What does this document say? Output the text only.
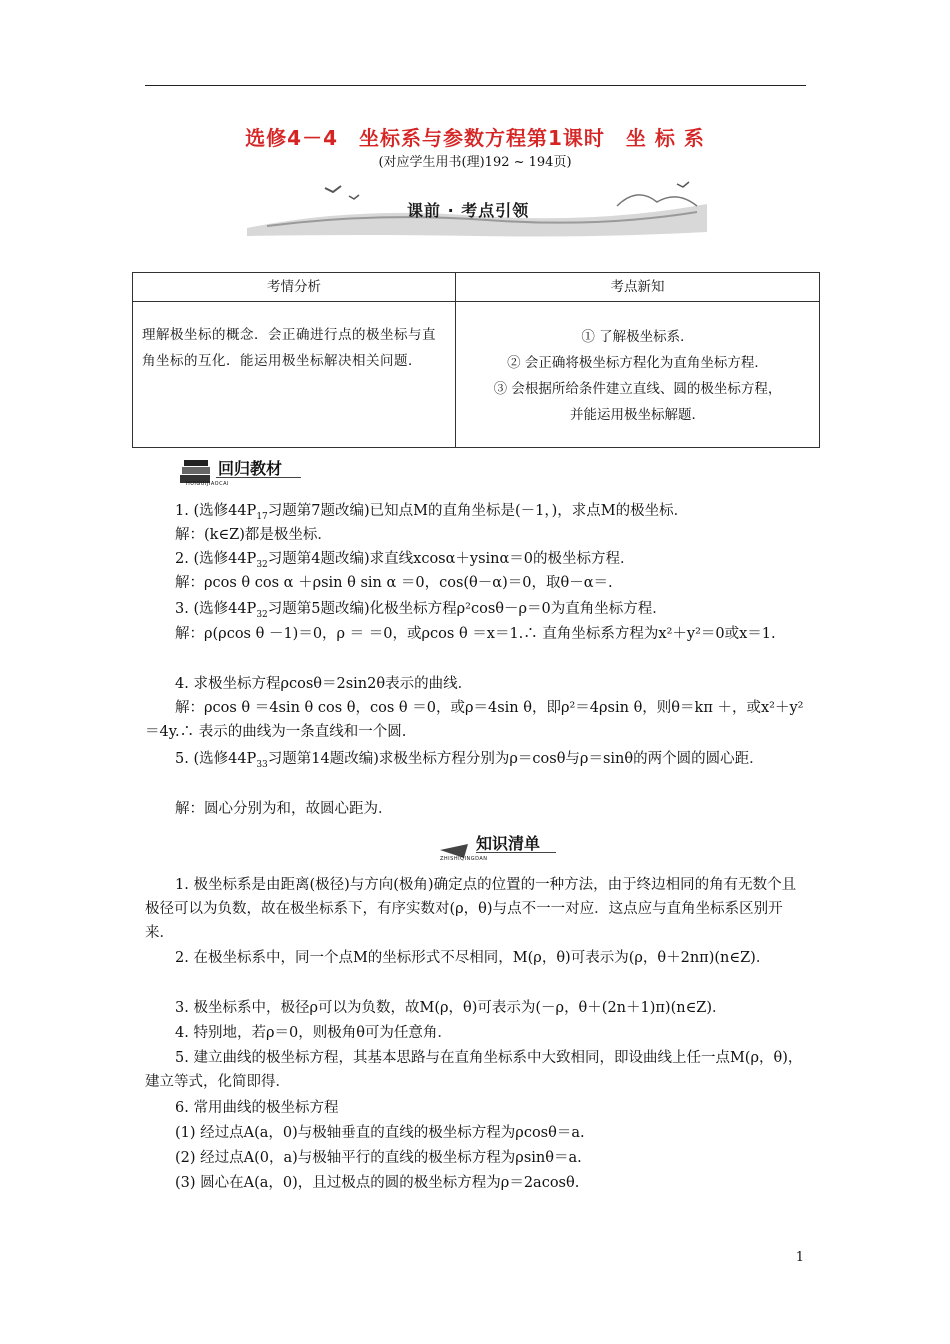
选修4－4　坐标系与参数方程第1课时　坐 标 系
(对应学生用书(理)192 ~ 194页)
课前 · 考点引领
考情分析	考点新知
理解极坐标的概念．会正确进行点的极坐标与直角坐标的互化．能运用极坐标解决相关问题．	① 了解极坐标系．
② 会正确将极坐标方程化为直角坐标方程．
③ 会根据所给条件建立直线、圆的极坐标方程，
并能运用极坐标解题．
回归教材
HUIGUIJIAOCAI
1. (选修$44P_{17}$习题第7题改编)已知点M的直角坐标是(－1，)，求点M的极坐标．
解：(k∈Z)都是极坐标．
2. (选修$44P_{32}$习题第4题改编)求直线xcosα＋ysinα＝0的极坐标方程．
解：ρcos θ cos α ＋ρsin θ sin α ＝0，cos(θ－α)＝0，取θ－α＝.
3. (选修$44P_{32}$习题第5题改编)化极坐标方程ρ²cosθ－ρ＝0为直角坐标方程．
解：ρ(ρcos θ －1)＝0，ρ ＝ ＝0，或ρcos θ ＝x＝1.∴ 直角坐标系方程为x²＋y²＝0或x＝1.
4. 求极坐标方程ρcosθ＝2sin2θ表示的曲线．
解：ρcos θ ＝4sin θ cos θ，cos θ ＝0，或ρ＝4sin θ，即ρ²＝4ρsin θ，则θ＝kπ ＋，或x²＋y²＝4y.∴ 表示的曲线为一条直线和一个圆.
5. (选修$44P_{33}$习题第14题改编)求极坐标方程分别为ρ＝cosθ与ρ＝sinθ的两个圆的圆心距．
解：圆心分别为和，故圆心距为．
知识清单
ZHISHIQINGDAN
1. 极坐标系是由距离(极径)与方向(极角)确定点的位置的一种方法，由于终边相同的角有无数个且极径可以为负数，故在极坐标系下，有序实数对(ρ，θ)与点不一一对应．这点应与直角坐标系区别开来．
2. 在极坐标系中，同一个点M的坐标形式不尽相同，M(ρ，θ)可表示为(ρ，θ＋2nπ)(n∈Z)．
3. 极坐标系中，极径ρ可以为负数，故M(ρ，θ)可表示为(－ρ，θ＋(2n＋1)π)(n∈Z)．
4. 特别地，若ρ＝0，则极角θ可为任意角．
5. 建立曲线的极坐标方程，其基本思路与在直角坐标系中大致相同，即设曲线上任一点M(ρ，θ)，建立等式，化简即得．
6. 常用曲线的极坐标方程
(1) 经过点A(a，0)与极轴垂直的直线的极坐标方程为ρcosθ＝a.
(2) 经过点A(0，a)与极轴平行的直线的极坐标方程为ρsinθ＝a.
(3) 圆心在A(a，0)，且过极点的圆的极坐标方程为ρ＝2acosθ.
1
